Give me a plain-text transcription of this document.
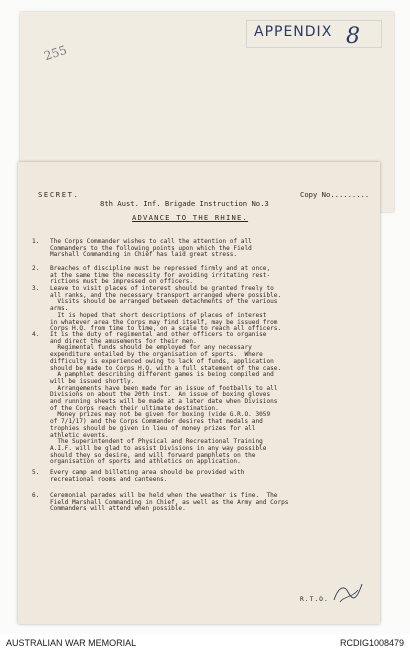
APPENDIX 8
255
SECRET.	Copy No.........
8th Aust. Inf. Brigade Instruction No.3
ADVANCE TO THE RHINE.
1. The Corps Commander wishes to call the attention of all
Commanders to the following points upon which the Field
Marshall Commanding in Chief has laid great stress.
2. Breaches of discipline must be repressed firmly and at once,
at the same time the necessity for avoiding irritating rest-
rictions must be impressed on officers.
3. Leave to visit places of interest should be granted freely to
all ranks, and the necessary transport arranged where possible.
Visits should be arranged between detachments of the various
arms.
It is hoped that short descriptions of places of interest
in whatever area the Corps may find itself, may be issued from
Corps H.Q. from time to time, on a scale to reach all officers.
4. It is the duty of regimental and other officers to organise
and direct the amusements for their men.
Regimental funds should be employed for any necessary
expenditure entailed by the organisation of sports.  Where
difficulty is experienced owing to lack of funds, application
should be made to Corps H.Q. with a full statement of the case.
A pamphlet describing different games is being compiled and
will be issued shortly.
Arrangements have been made for an issue of footballs to all
Divisions on about the 20th inst.  An issue of boxing gloves
and running sheets will be made at a later date when Divisions
of the Corps reach their ultimate destination.
Money prizes may not be given for boxing (vide G.R.O. 3059
of 7/1/17) and the Corps Commander desires that medals and
trophies should be given in lieu of money prizes for all
athletic events.
The Superintendent of Physical and Recreational Training
A.I.F. will be glad to assist Divisions in any way possible
should they so desire, and will forward pamphlets on the
organisation of sports and athletics on application.
5. Every camp and billeting area should be provided with
recreational rooms and canteens.
6. Ceremonial parades will be held when the weather is fine.  The
Field Marshall Commanding in Chief, as well as the Army and Corps
Commanders will attend when possible.
R.T.O.
AUSTRALIAN WAR MEMORIAL	RCDIG1008479
